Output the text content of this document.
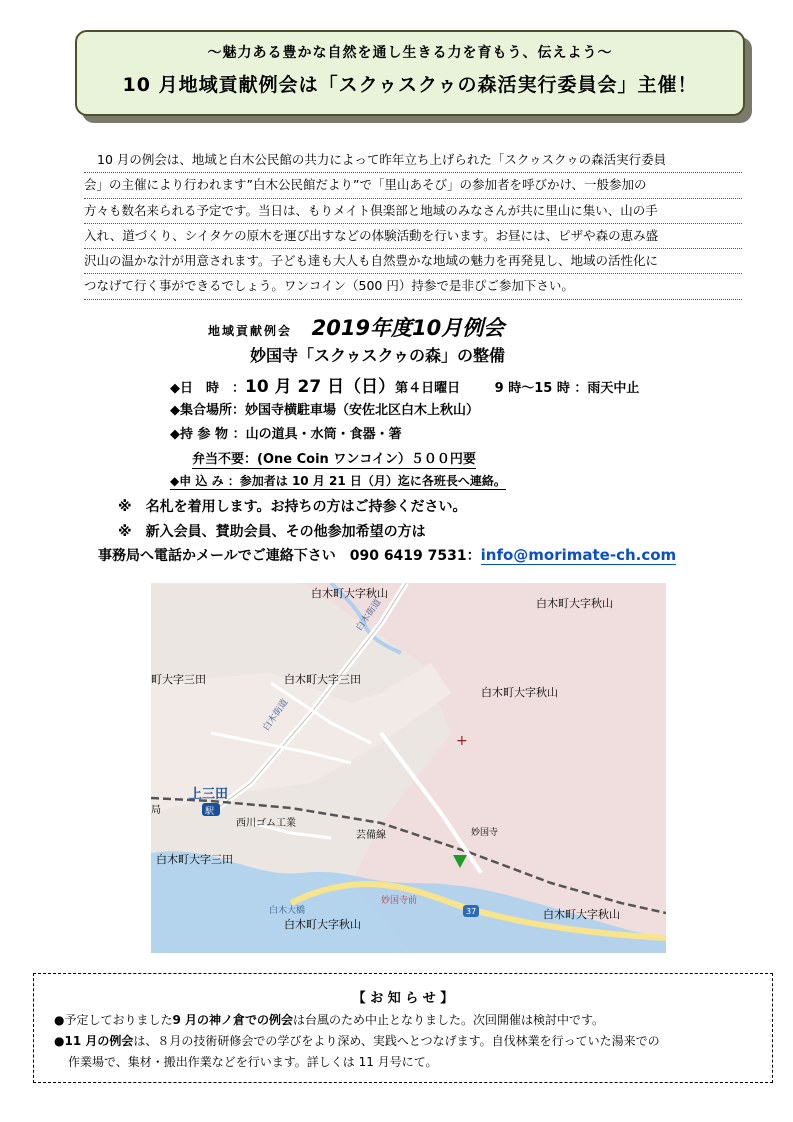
～魅力ある豊かな自然を通し生きる力を育もう、伝えよう～
10 月地域貢献例会は「スクゥスクゥの森活実行委員会」主催！
10 月の例会は、地域と白木公民館の共力によって昨年立ち上げられた「スクゥスクゥの森活実行委員
会」の主催により行われます”白木公民館だより”で「里山あそび」の参加者を呼びかけ、一般参加の
方々も数名来られる予定です。当日は、もりメイト倶楽部と地域のみなさんが共に里山に集い、山の手
入れ、道づくり、シイタケの原木を運び出すなどの体験活動を行います。お昼には、ピザや森の恵み盛
沢山の温かな汁が用意されます。子ども達も大人も自然豊かな地域の魅力を再発見し、地域の活性化に
つなげて行く事ができるでしょう。ワンコイン（500 円）持参で是非ぴご参加下さい。
地域貢献例会 2019年度10月例会
妙国寺「スクゥスクゥの森」の整備
◆日　時　：10 月 27 日（日）第４日曜日	9 時〜15 時 ：雨天中止
◆集合場所：妙国寺横駐車場（安佐北区白木上秋山）
◆持 参 物 ：山の道具・水筒・食器・箸
弁当不要：(One Coin ワンコイン）５００円要
◆申 込 み ：参加者は 10 月 21 日（月）迄に各班長へ連絡。
※　名札を着用します。お持ちの方はご持参ください。
※　新入会員、賛助会員、その他参加希望の方は
事務局へ電話かメールでご連絡下さい　090 6419 7531：info@morimate-ch.com
白木町大字秋山
白木町大字秋山
町大字三田	白木町大字三田
白木町大字秋山
上三田
駅
西川ゴム工業
局
芸備線
白木町大字三田
妙国寺
白木大橋
妙国寺前
37
白木町大字秋山
白木町大字秋山
白木街道
白木街道
+
【 お 知 ら せ 】
●予定しておりました9 月の神ノ倉での例会は台風のため中止となりました。次回開催は検討中です。
●11 月の例会は、８月の技術研修会での学びをより深め、実践へとつなげます。自伐林業を行っていた湯来での
作業場で、集材・搬出作業などを行います。詳しくは 11 月号にて。
